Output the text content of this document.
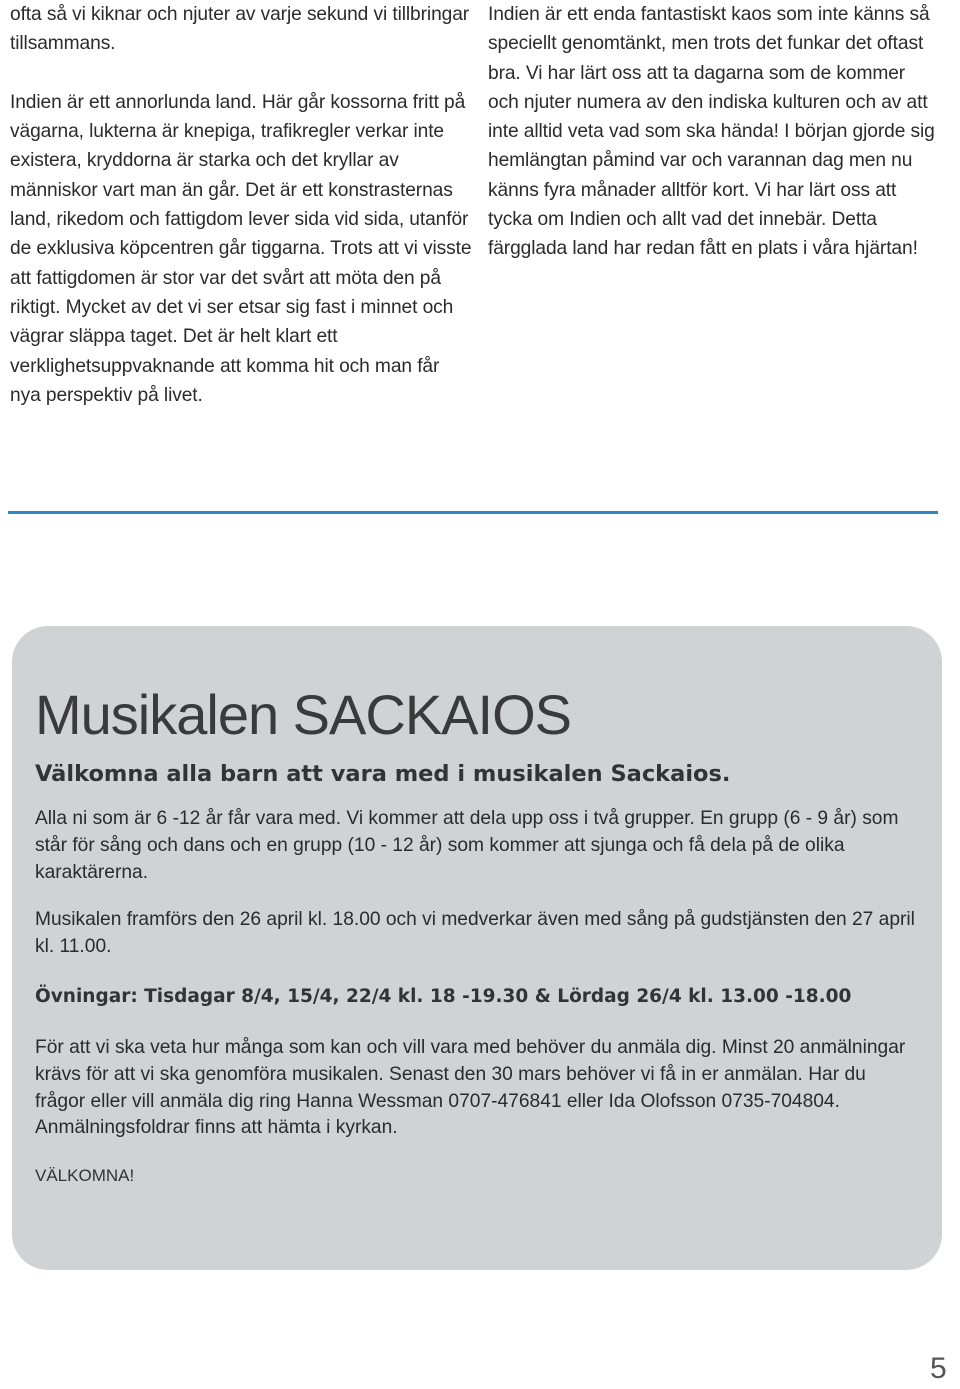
ofta så vi kiknar och njuter av varje sekund vi tillbringar tillsammans.

Indien är ett annorlunda land. Här går kossorna fritt på vägarna, lukterna är knepiga, trafikregler verkar inte existera, kryddorna är starka och det kryllar av människor vart man än går. Det är ett konstrasternas land, rikedom och fattigdom lever sida vid sida, utanför de exklusiva köpcentren går tiggarna. Trots att vi visste att fattigdomen är stor var det svårt att möta den på riktigt. Mycket av det vi ser etsar sig fast i minnet och vägrar släppa taget. Det är helt klart ett verklighetsuppvaknande att komma hit och man får nya perspektiv på livet.

Indien är ett enda fantastiskt kaos som inte känns så speciellt genomtänkt, men trots det funkar det oftast bra. Vi har lärt oss att ta dagarna som de kommer och njuter numera av den indiska kulturen och av att inte alltid veta vad som ska hända! I början gjorde sig hemlängtan påmind var och varannan dag men nu känns fyra månader alltför kort. Vi har lärt oss att tycka om Indien och allt vad det innebär. Detta färgglada land har redan fått en plats i våra hjärtan!

Musikalen SACKAIOS
Välkomna alla barn att vara med i musikalen Sackaios.

Alla ni som är 6 -12 år får vara med. Vi kommer att dela upp oss i två grupper. En grupp (6 - 9 år) som står för sång och dans och en grupp (10 - 12 år) som kommer att sjunga och få dela på de olika karaktärerna.

Musikalen framförs den 26 april kl. 18.00 och vi medverkar även med sång på gudstjänsten den 27 april kl. 11.00.

Övningar: Tisdagar 8/4, 15/4, 22/4 kl. 18 -19.30 & Lördag 26/4 kl. 13.00 -18.00

För att vi ska veta hur många som kan och vill vara med behöver du anmäla dig. Minst 20 anmälningar krävs för att vi ska genomföra musikalen. Senast den 30 mars behöver vi få in er anmälan. Har du frågor eller vill anmäla dig ring Hanna Wessman 0707-476841 eller Ida Olofsson 0735-704804. Anmälningsfoldrar finns att hämta i kyrkan.

VÄLKOMNA!

5
